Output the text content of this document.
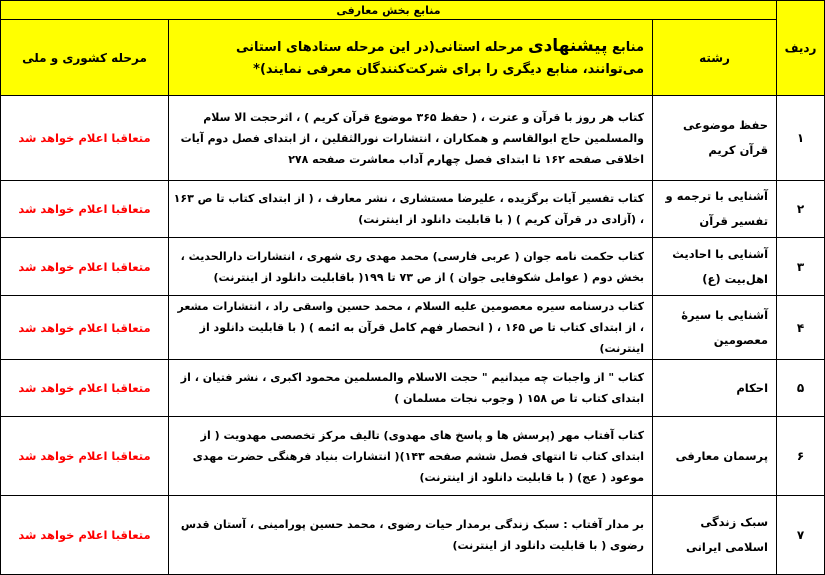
ردیف	منابع بخش معارفی		
	رشته	منابع پیشنهادی مرحله استانی(در این مرحله ستادهای استانی می‌توانند، منابع دیگری را برای شرکت‌کنندگان معرفی نمایند)*	مرحله کشوری و ملی
۱	حفظ موضوعی قرآن کریم	کتاب هر روز با قرآن و عترت ، ( حفظ ۳۶۵ موضوع قرآن کریم ) ، اثرحجت الا سلام والمسلمین حاج ابوالقاسم و همکاران ، انتشارات نورالثقلین ، از ابتدای فصل دوم آیات اخلاقی صفحه ۱۶۲ تا ابتدای فصل چهارم آداب معاشرت صفحه ۲۷۸	متعاقبا اعلام خواهد شد
۲	آشنایی با ترجمه و تفسیر قرآن	کتاب تفسیر آیات برگزیده ، علیرضا مستشاری ، نشر معارف ، ( از ابتدای کتاب تا ص ۱۶۳ ، (آزادی در قرآن کریم ) ( با قابلیت دانلود از اینترنت)	متعاقبا اعلام خواهد شد
۳	آشنایی با احادیث اهل‌بیت (ع)	کتاب حکمت نامه جوان ( عربی فارسی) محمد مهدی ری شهری ، انتشارات دارالحدیث ، بخش دوم ( عوامل شکوفایی جوان ) از ص ۷۳ تا ۱۹۹( باقابلیت دانلود از اینترنت)	متعاقبا اعلام خواهد شد
۴	آشنایی با سیرهٔ معصومین	کتاب درسنامه سیره معصومین علیه السلام ، محمد حسین واسقی راد ، انتشارات مشعر ، از ابتدای کتاب تا ص ۱۶۵ ، ( انحصار فهم کامل قرآن به ائمه ) ( با قابلیت دانلود از اینترنت)	متعاقبا اعلام خواهد شد
۵	احکام	کتاب " از واجبات چه میدانیم " حجت الاسلام والمسلمین محمود اکبری ، نشر فتیان ، از ابتدای کتاب تا ص ۱۵۸ ( وجوب نجات مسلمان )	متعاقبا اعلام خواهد شد
۶	پرسمان معارفی	کتاب آفتاب مهر (پرسش ها و پاسخ های مهدوی) تالیف مرکز تخصصی مهدویت ( از ابتدای کتاب تا انتهای فصل ششم صفحه ۱۴۳)( انتشارات بنیاد فرهنگی حضرت مهدی موعود ( عج) ( با قابلیت دانلود از اینترنت)	متعاقبا اعلام خواهد شد
۷	سبک زندگی اسلامی ایرانی	بر مدار آفتاب : سبک زندگی برمدار حیات رضوی ، محمد حسین پورامینی ، آستان قدس رضوی ( با قابلیت دانلود از اینترنت)	متعاقبا اعلام خواهد شد
